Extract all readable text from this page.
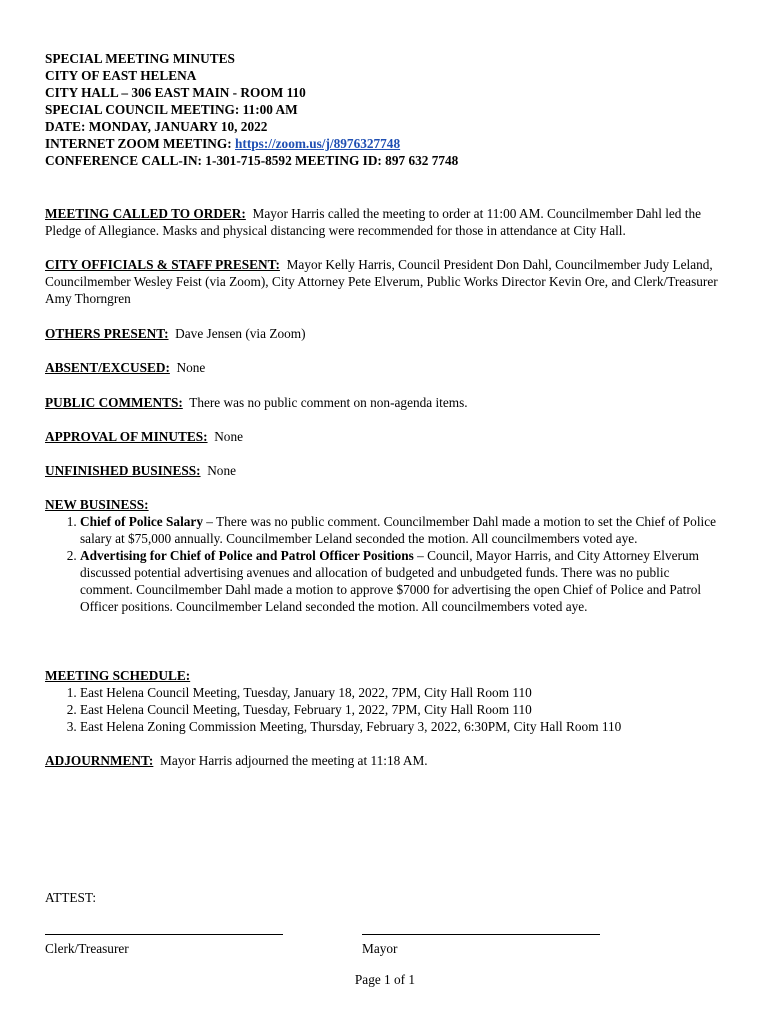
SPECIAL MEETING MINUTES
CITY OF EAST HELENA
CITY HALL – 306 EAST MAIN - ROOM 110
SPECIAL COUNCIL MEETING: 11:00 AM
DATE: MONDAY, JANUARY 10, 2022
INTERNET ZOOM MEETING: https://zoom.us/j/8976327748
CONFERENCE CALL-IN: 1-301-715-8592 MEETING ID: 897 632 7748
MEETING CALLED TO ORDER: Mayor Harris called the meeting to order at 11:00 AM. Councilmember Dahl led the Pledge of Allegiance. Masks and physical distancing were recommended for those in attendance at City Hall.
CITY OFFICIALS & STAFF PRESENT: Mayor Kelly Harris, Council President Don Dahl, Councilmember Judy Leland, Councilmember Wesley Feist (via Zoom), City Attorney Pete Elverum, Public Works Director Kevin Ore, and Clerk/Treasurer Amy Thorngren
OTHERS PRESENT: Dave Jensen (via Zoom)
ABSENT/EXCUSED: None
PUBLIC COMMENTS: There was no public comment on non-agenda items.
APPROVAL OF MINUTES: None
UNFINISHED BUSINESS: None
NEW BUSINESS:
1. Chief of Police Salary – There was no public comment. Councilmember Dahl made a motion to set the Chief of Police salary at $75,000 annually. Councilmember Leland seconded the motion. All councilmembers voted aye.
2. Advertising for Chief of Police and Patrol Officer Positions – Council, Mayor Harris, and City Attorney Elverum discussed potential advertising avenues and allocation of budgeted and unbudgeted funds. There was no public comment. Councilmember Dahl made a motion to approve $7000 for advertising the open Chief of Police and Patrol Officer positions. Councilmember Leland seconded the motion. All councilmembers voted aye.
MEETING SCHEDULE:
1. East Helena Council Meeting, Tuesday, January 18, 2022, 7PM, City Hall Room 110
2. East Helena Council Meeting, Tuesday, February 1, 2022, 7PM, City Hall Room 110
3. East Helena Zoning Commission Meeting, Thursday, February 3, 2022, 6:30PM, City Hall Room 110
ADJOURNMENT: Mayor Harris adjourned the meeting at 11:18 AM.
ATTEST:
Clerk/Treasurer	Mayor
Page 1 of 1
